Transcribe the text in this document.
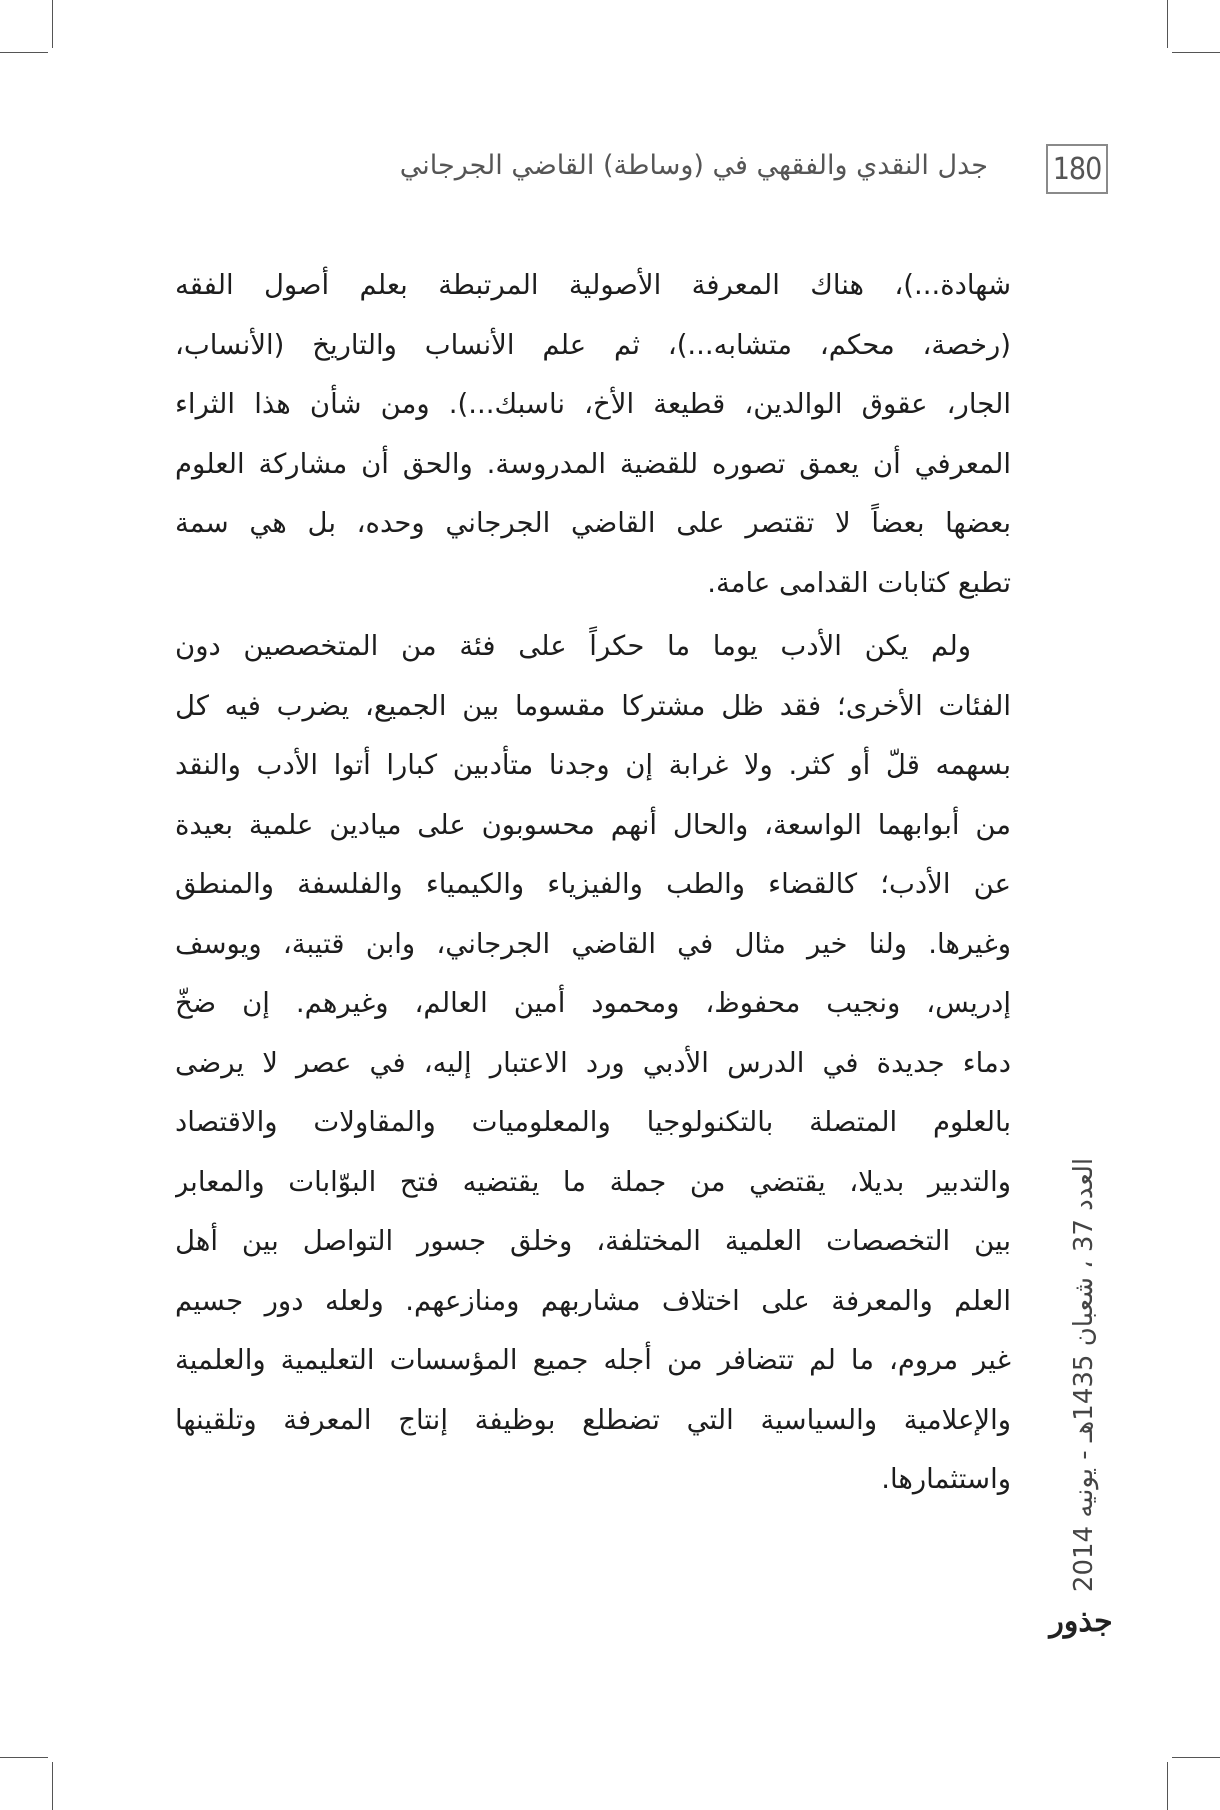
180
جدل النقدي والفقهي في (وساطة) القاضي الجرجاني
شهادة...)، هناك المعرفة الأصولية المرتبطة بعلم أصول الفقه
(رخصة، محكم، متشابه...)، ثم علم الأنساب والتاريخ (الأنساب،
الجار، عقوق الوالدين، قطيعة الأخ، ناسبك...). ومن شأن هذا الثراء
المعرفي أن يعمق تصوره للقضية المدروسة. والحق أن مشاركة العلوم
بعضها بعضاً لا تقتصر على القاضي الجرجاني وحده، بل هي سمة
تطبع كتابات القدامى عامة.
ولم يكن الأدب يوما ما حكراً على فئة من المتخصصين دون
الفئات الأخرى؛ فقد ظل مشتركا مقسوما بين الجميع، يضرب فيه كل
بسهمه قلّ أو كثر. ولا غرابة إن وجدنا متأدبين كبارا أتوا الأدب والنقد
من أبوابهما الواسعة، والحال أنهم محسوبون على ميادين علمية بعيدة
عن الأدب؛ كالقضاء والطب والفيزياء والكيمياء والفلسفة والمنطق
وغيرها. ولنا خير مثال في القاضي الجرجاني، وابن قتيبة، ويوسف
إدريس، ونجيب محفوظ، ومحمود أمين العالم، وغيرهم. إن ضخّ
دماء جديدة في الدرس الأدبي ورد الاعتبار إليه، في عصر لا يرضى
بالعلوم المتصلة بالتكنولوجيا والمعلوميات والمقاولات والاقتصاد
والتدبير بديلا، يقتضي من جملة ما يقتضيه فتح البوّابات والمعابر
بين التخصصات العلمية المختلفة، وخلق جسور التواصل بين أهل
العلم والمعرفة على اختلاف مشاربهم ومنازعهم. ولعله دور جسيم
غير مروم، ما لم تتضافر من أجله جميع المؤسسات التعليمية والعلمية
والإعلامية والسياسية التي تضطلع بوظيفة إنتاج المعرفة وتلقينها
واستثمارها.
العدد 37 ، شعبان 1435هـ - يونيه 2014
جذور
